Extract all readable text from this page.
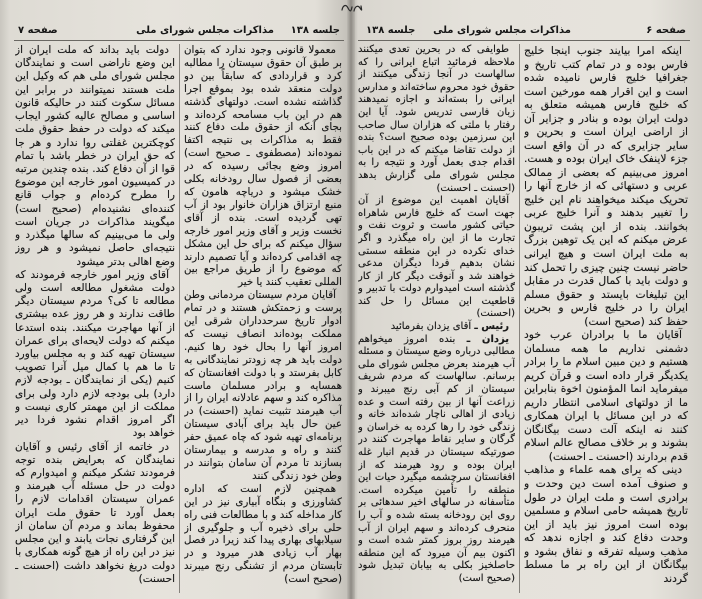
صفحه ۷	مذاکرات مجلس شورای ملی	جلسه ۱۳۸

معمولا قانونی وجود ندارد که بتوان بر طبق آن حقوق سیستان را مطالبه کرد و قراردادی که سابقاً بین دو دولت منعقد شده بود بموقع اجرا گذاشته نشده است. دولتهای گذشته هم در این باب مسامحه کرده‌اند و بجای آنکه از حقوق ملت دفاع کنند فقط به مذاکرات بی نتیجه اکتفا نموده‌اند (مصطفوی ـ صحیح است) امروز وضع بجائی رسیده که در بعضی از فصول سال رودخانه بکلی خشک میشود و دریاچه هامون که منبع ارتزاق هزاران خانوار بود از آب تهی گردیده است. بنده از آقای نخست وزیر و آقای وزیر امور خارجه سؤال میکنم که برای حل این مشکل چه اقدامی کرده‌اند و آیا تصمیم دارند که موضوع را از طریق مراجع بین المللی تعقیب کنند یا خیر

آقایان مردم سیستان مردمانی وطن پرست و زحمتکش هستند و در تمام ادوار تاریخ سرحدداران شرقی این مملکت بوده‌اند انصاف نیست که امروز آنها را بحال خود رها کنیم. دولت باید هر چه زودتر نمایندگانی به کابل بفرستد و با دولت افغانستان که همسایه و برادر مسلمان ماست مذاکره کند و سهم عادلانه ایران را از آب هیرمند تثبیت نماید (احسنت) در عین حال باید برای آبادی سیستان برنامه‌ای تهیه شود که چاه عمیق حفر کنند و راه و مدرسه و بیمارستان بسازند تا مردم آن سامان بتوانند در وطن خود زندگی کنند

همچنین لازم است که اداره کشاورزی و بنگاه آبیاری نیز در این کار مداخله کند و با مطالعات فنی راه حلی برای ذخیره آب و جلوگیری از سیلابهای بهاری پیدا کند زیرا در فصل بهار آب زیادی هدر میرود و در تابستان مردم از تشنگی رنج میبرند (صحیح است)

دولت باید بداند که ملت ایران از این وضع ناراضی است و نمایندگان مجلس شورای ملی هم که وکیل این ملت هستند نمیتوانند در برابر این مسائل سکوت کنند در حالیکه قانون اساسی و مصالح عالیه کشور ایجاب میکند که دولت در حفظ حقوق ملت کوچکترین غفلتی روا ندارد و هر جا که حق ایران در خطر باشد با تمام قوا از آن دفاع کند. بنده چندین مرتبه در کمیسیون امور خارجه این موضوع را مطرح کرده‌ام و جواب قانع کننده‌ای نشنیده‌ام (صحیح است) میگویند مذاکرات در جریان است ولی ما می‌بینیم که سالها میگذرد و نتیجه‌ای حاصل نمیشود و هر روز وضع اهالی بدتر میشود

آقای وزیر امور خارجه فرمودند که دولت مشغول مطالعه است ولی مطالعه تا کی؟ مردم سیستان دیگر طاقت ندارند و هر روز عده بیشتری از آنها مهاجرت میکنند. بنده استدعا میکنم که دولت لایحه‌ای برای عمران سیستان تهیه کند و به مجلس بیاورد تا ما هم با کمال میل آنرا تصویب کنیم (یکی از نمایندگان ـ بودجه لازم دارد) بلی بودجه لازم دارد ولی برای مملکت از این مهمتر کاری نیست و اگر امروز اقدام نشود فردا دیر خواهد بود

در خاتمه از آقای رئیس و آقایان نمایندگان که بعرایض بنده توجه فرمودند تشکر میکنم و امیدوارم که دولت در حل مسئله آب هیرمند و عمران سیستان اقدامات لازم را بعمل آورد تا حقوق ملت ایران محفوظ بماند و مردم آن سامان از این گرفتاری نجات یابند و این مجلس نیز در این راه از هیچ گونه همکاری با دولت دریغ نخواهد داشت (احسنت ـ احسنت)

جلسه ۱۳۸	مذاکرات مجلس شورای ملی	صفحه ۶

اینکه امرا بیایند جنوب اینجا خلیج فارس بوده و در تمام کتب تاریخ و جغرافیا خلیج فارس نامیده شده است و این اقرار همه مورخین است که خلیج فارس همیشه متعلق به دولت ایران بوده و بنادر و جزایر آن از اراضی ایران است و بحرین و سایر جزایری که در آن واقع است جزء لاینفک خاک ایران بوده و هست. امروز می‌بینیم که بعضی از ممالک عربی و دستهائی که از خارج آنها را تحریک میکند میخواهند نام این خلیج را تغییر بدهند و آنرا خلیج عربی بخوانند. بنده از این پشت تریبون عرض میکنم که این یک توهین بزرگ به ملت ایران است و هیچ ایرانی حاضر نیست چنین چیزی را تحمل کند و دولت باید با کمال قدرت در مقابل این تبلیغات بایستد و حقوق مسلم ایران را در خلیج فارس و بحرین حفظ کند (صحیح است)

آقایان ما با برادران عرب خود دشمنی نداریم ما همه مسلمان هستیم و دین مبین اسلام ما را برادر یکدیگر قرار داده است و قرآن کریم میفرماید انما المؤمنون اخوة بنابراین ما از دولتهای اسلامی انتظار داریم که در این مسائل با ایران همکاری کنند نه اینکه آلت دست بیگانگان بشوند و بر خلاف مصالح عالم اسلام قدم بردارند (احسنت ـ احسنت)

دینی که برای همه علماء و مذاهب و صنوف آمده است دین وحدت و برادری است و ملت ایران در طول تاریخ همیشه حامی اسلام و مسلمین بوده است امروز نیز باید از این وحدت دفاع کند و اجازه ندهد که مذهب وسیله تفرقه و نفاق بشود و بیگانگان از این راه بر ما مسلط گردند

طوایفی که در بحرین تعدی میکنند ملاحظه فرمائید اتباع ایرانی را که سالهاست در آنجا زندگی میکنند از حقوق خود محروم ساخته‌اند و مدارس ایرانی را بسته‌اند و اجازه نمیدهند زبان فارسی تدریس شود. آیا این رفتار با ملتی که هزاران سال صاحب این سرزمین بوده صحیح است؟ بنده از دولت تقاضا میکنم که در این باب اقدام جدی بعمل آورد و نتیجه را به مجلس شورای ملی گزارش بدهد (احسنت ـ احسنت)

آقایان اهمیت این موضوع از آن جهت است که خلیج فارس شاهراه حیاتی کشور ماست و ثروت نفت و تجارت ما از این راه میگذرد و اگر خدای نکرده در این منطقه سستی نشان بدهیم فردا دیگران مدعی خواهند شد و آنوقت دیگر کار از کار گذشته است امیدوارم دولت با تدبیر و قاطعیت این مسائل را حل کند (احسنت)

رئیس ـ آقای یزدان بفرمائید

یزدان ـ بنده امروز میخواهم مطالبی درباره وضع سیستان و مسئله آب هیرمند بعرض مجلس شورای ملی برسانم. سالهاست که مردم شریف سیستان از کم آبی رنج میبرند و زراعت آنها از بین رفته است و عده زیادی از اهالی ناچار شده‌اند خانه و زندگی خود را رها کرده به خراسان و گرگان و سایر نقاط مهاجرت کنند در صورتیکه سیستان در قدیم انبار غله ایران بوده و رود هیرمند که از افغانستان سرچشمه میگیرد حیات این منطقه را تأمین میکرده است. متأسفانه در سالهای اخیر سدهائی بر روی این رودخانه بسته شده و آب را منحرف کرده‌اند و سهم ایران از آب هیرمند روز بروز کمتر شده است و اکنون بیم آن میرود که این منطقه حاصلخیز بکلی به بیابان تبدیل شود (صحیح است)
